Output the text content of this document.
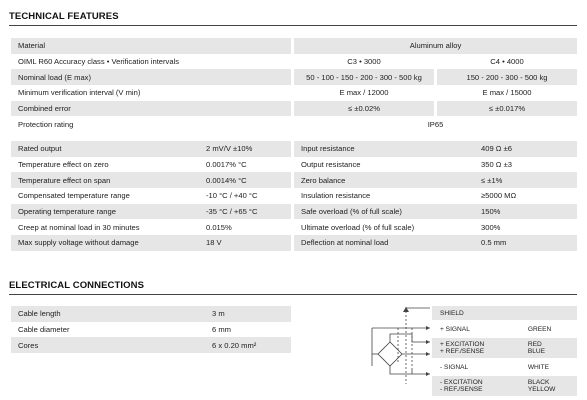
TECHNICAL FEATURES
Material		Aluminum alloy		
OIML R60 Accuracy class • Verification intervals		C3 • 3000		C4 • 4000
Nominal load (E max)		50 - 100 - 150 - 200 - 300 - 500 kg		150 - 200 - 300 - 500 kg
Minimum verification interval (V min)		E max / 12000		E max / 15000
Combined error		≤ ±0.02%		≤ ±0.017%
Protection rating		IP65		
Rated output	2 mV/V ±10%
Temperature effect on zero	0.0017% °C
Temperature effect on span	0.0014% °C
Compensated temperature range	-10 °C / +40 °C
Operating temperature range	-35 °C / +65 °C
Creep at nominal load in 30 minutes	0.015%
Max supply voltage without damage	18 V
Input resistance	409 Ω ±6
Output resistance	350 Ω ±3
Zero balance	≤ ±1%
Insulation resistance	≥5000 MΩ
Safe overload (% of full scale)	150%
Ultimate overload (% of full scale)	300%
Deflection at nominal load	0.5 mm
ELECTRICAL CONNECTIONS
Cable length	3 m
Cable diameter	6 mm
Cores	6 x 0.20 mm²
SHIELD	
+ SIGNAL	GREEN
+ EXCITATION
+ REF./SENSE	RED
BLUE
- SIGNAL	WHITE
- EXCITATION
- REF./SENSE	BLACK
YELLOW
